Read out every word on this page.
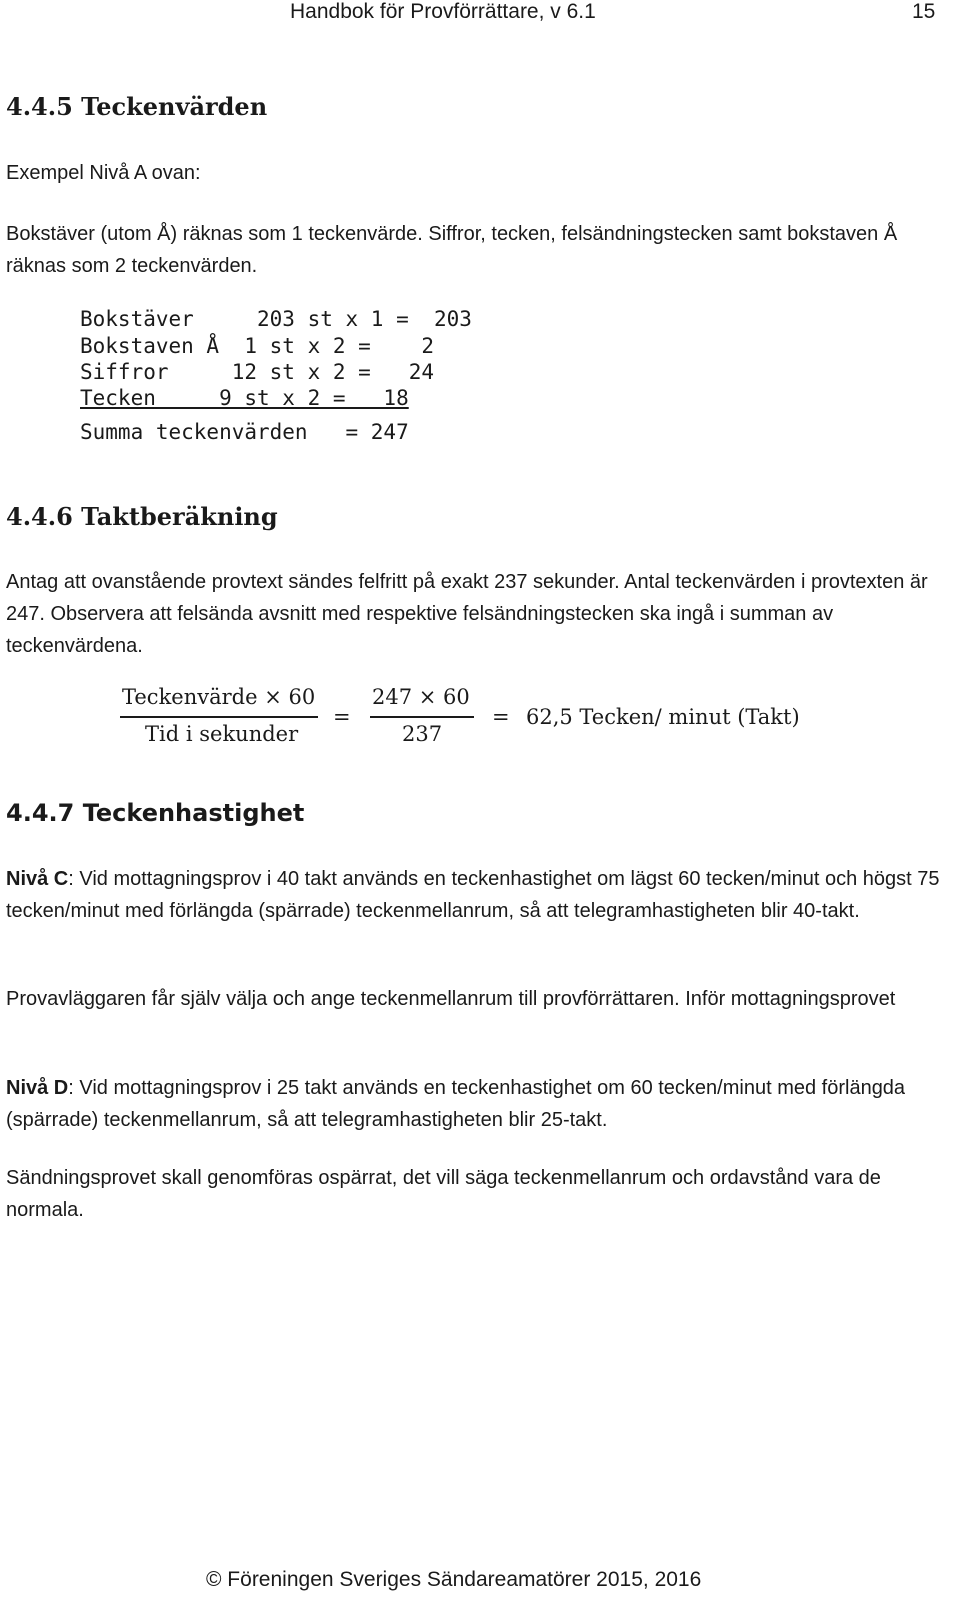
Handbok för Provförrättare, v 6.1	15
4.4.5 Teckenvärden
Exempel Nivå A ovan:
Bokstäver (utom Å) räknas som 1 teckenvärde. Siffror, tecken, felsändningstecken samt bokstaven Å räknas som 2 teckenvärden.
Bokstäver     203 st x 1 =  203
Bokstaven Å  1 st x 2 =    2
Siffror     12 st x 2 =   24
Tecken     9 st x 2 =   18
Summa teckenvärden   = 247
4.4.6 Taktberäkning
Antag att ovanstående provtext sändes felfritt på exakt 237 sekunder. Antal teckenvärden i provtexten är 247. Observera att felsända avsnitt med respektive felsändningstecken ska ingå i summan av teckenvärdena.
Teckenvärde × 60
Tid i sekunder
=
247 × 60
237
= 62,5 Tecken/ minut (Takt)
4.4.7 Teckenhastighet
Nivå C: Vid mottagningsprov i 40 takt används en teckenhastighet om lägst 60 tecken/minut och högst 75 tecken/minut med förlängda (spärrade) teckenmellanrum, så att telegramhastigheten blir 40-takt.
Provavläggaren får själv välja och ange teckenmellanrum till provförrättaren. Inför mottagningsprovet
Nivå D: Vid mottagningsprov i 25 takt används en teckenhastighet om 60 tecken/minut med förlängda (spärrade) teckenmellanrum, så att telegramhastigheten blir 25-takt.
Sändningsprovet skall genomföras ospärrat, det vill säga teckenmellanrum och ordavstånd vara de normala.
© Föreningen Sveriges Sändareamatörer 2015, 2016
